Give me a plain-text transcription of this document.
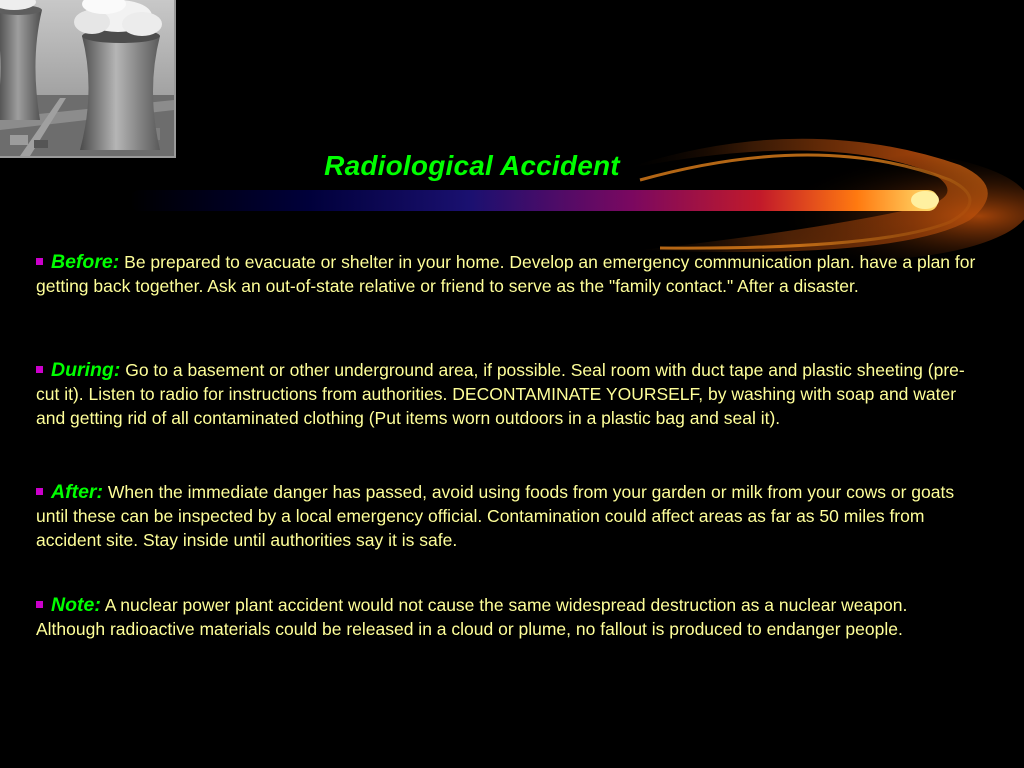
Radiological Accident
Before: Be prepared to evacuate or shelter in your home. Develop an emergency communication plan. have a plan for getting back together. Ask an out-of-state relative or friend to serve as the "family contact." After a disaster.
During: Go to a basement or other underground area, if possible. Seal room with duct tape and plastic sheeting (pre-cut it). Listen to radio for instructions from authorities. DECONTAMINATE YOURSELF, by washing with soap and water and getting rid of all contaminated clothing (Put items worn outdoors in a plastic bag and seal it).
After: When the immediate danger has passed, avoid using foods from your garden or milk from your cows or goats until these can be inspected by a local emergency official. Contamination could affect areas as far as 50 miles from accident site. Stay inside until authorities say it is safe.
Note: A nuclear power plant accident would not cause the same widespread destruction as a nuclear weapon. Although radioactive materials could be released in a cloud or plume, no fallout is produced to endanger people.
